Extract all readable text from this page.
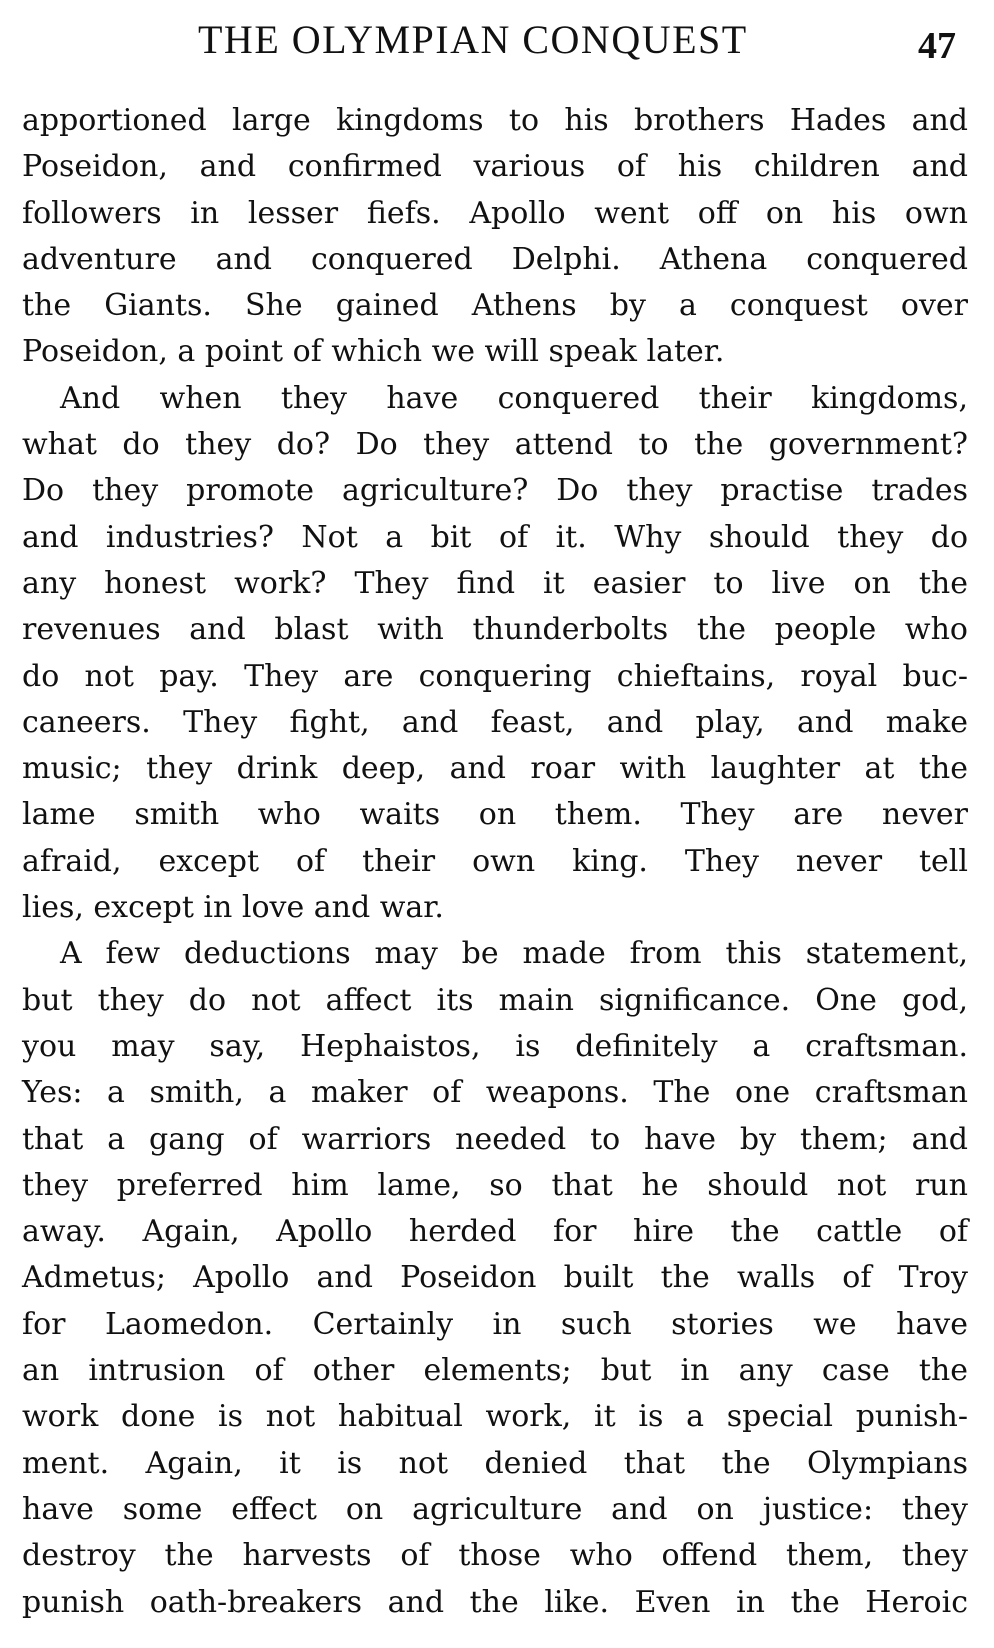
THE OLYMPIAN CONQUEST	47

apportioned large kingdoms to his brothers Hades and
Poseidon, and confirmed various of his children and
followers in lesser fiefs. Apollo went off on his own
adventure and conquered Delphi. Athena conquered
the Giants. She gained Athens by a conquest over
Poseidon, a point of which we will speak later.

And when they have conquered their kingdoms,
what do they do? Do they attend to the government?
Do they promote agriculture? Do they practise trades
and industries? Not a bit of it. Why should they do
any honest work? They find it easier to live on the
revenues and blast with thunderbolts the people who
do not pay. They are conquering chieftains, royal buc-
caneers. They fight, and feast, and play, and make
music; they drink deep, and roar with laughter at the
lame smith who waits on them. They are never
afraid, except of their own king. They never tell
lies, except in love and war.

A few deductions may be made from this statement,
but they do not affect its main significance. One god,
you may say, Hephaistos, is definitely a craftsman.
Yes: a smith, a maker of weapons. The one craftsman
that a gang of warriors needed to have by them; and
they preferred him lame, so that he should not run
away. Again, Apollo herded for hire the cattle of
Admetus; Apollo and Poseidon built the walls of Troy
for Laomedon. Certainly in such stories we have
an intrusion of other elements; but in any case the
work done is not habitual work, it is a special punish-
ment. Again, it is not denied that the Olympians
have some effect on agriculture and on justice: they
destroy the harvests of those who offend them, they
punish oath-breakers and the like. Even in the Heroic
